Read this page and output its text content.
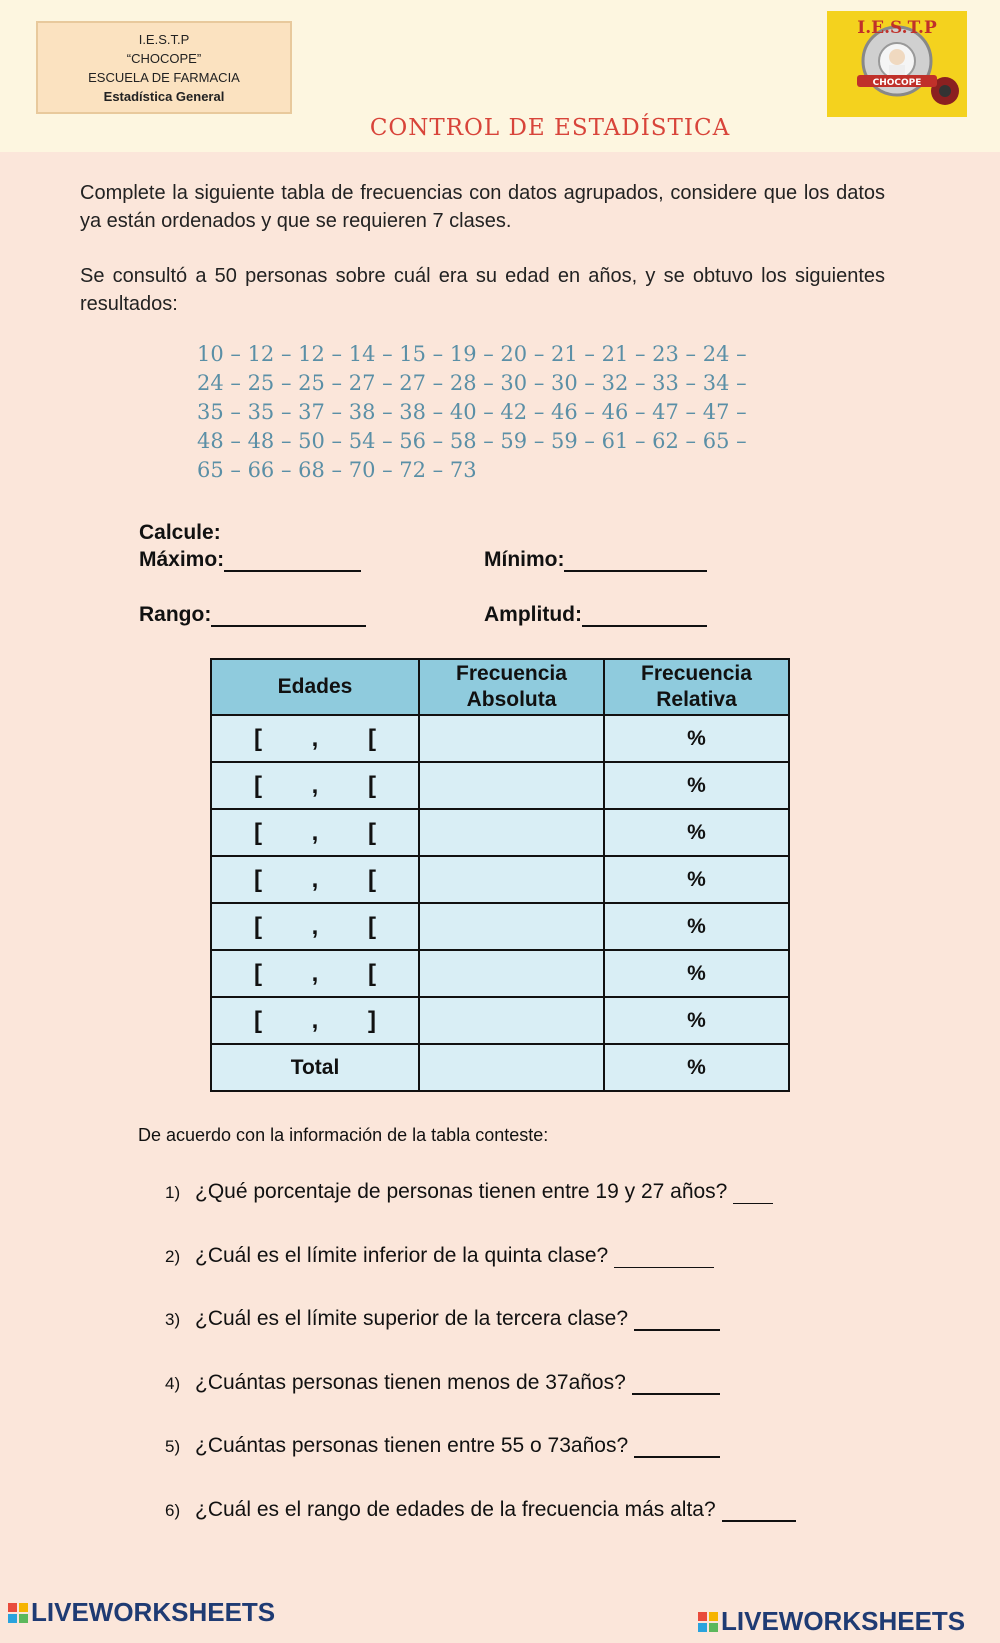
I.E.S.T.P
“CHOCOPE”
ESCUELA DE FARMACIA
Estadística General
I.E.S.T.P
CHOCOPE
CONTROL DE ESTADÍSTICA
Complete la siguiente tabla de frecuencias con datos agrupados, considere que los datos ya están ordenados y que se requieren 7 clases.
Se consultó a 50 personas sobre cuál era su edad en años, y se obtuvo los siguientes resultados:
10 – 12 – 12 – 14 – 15 – 19 – 20 – 21 – 21 – 23 – 24 –
24 – 25 – 25 – 27 – 27 – 28 – 30 – 30 – 32 – 33 – 34 –
35 – 35 – 37 – 38 – 38 – 40 – 42 – 46 – 46 – 47 – 47 –
48 – 48 – 50 – 54 – 56 – 58 – 59 – 59 – 61 – 62 – 65 –
65 – 66 – 68 – 70 – 72 – 73
Calcule:
Máximo:	Mínimo:
Rango:	Amplitud:
Edades	Frecuencia Absoluta	Frecuencia Relativa

[ , [		%

[ , [		%

[ , [		%

[ , [		%

[ , [		%

[ , [		%

[ , ]		%
Total		%
De acuerdo con la información de la tabla conteste:
1) ¿Qué porcentaje de personas tienen entre 19 y 27 años?
2) ¿Cuál es el límite inferior de la quinta clase?
3) ¿Cuál es el límite superior de la tercera clase?
4) ¿Cuántas personas tienen menos de 37años?
5) ¿Cuántas personas tienen entre 55 o 73años?
6) ¿Cuál es el rango de edades de la frecuencia más alta?
LIVEWORKSHEETS	LIVEWORKSHEETS
